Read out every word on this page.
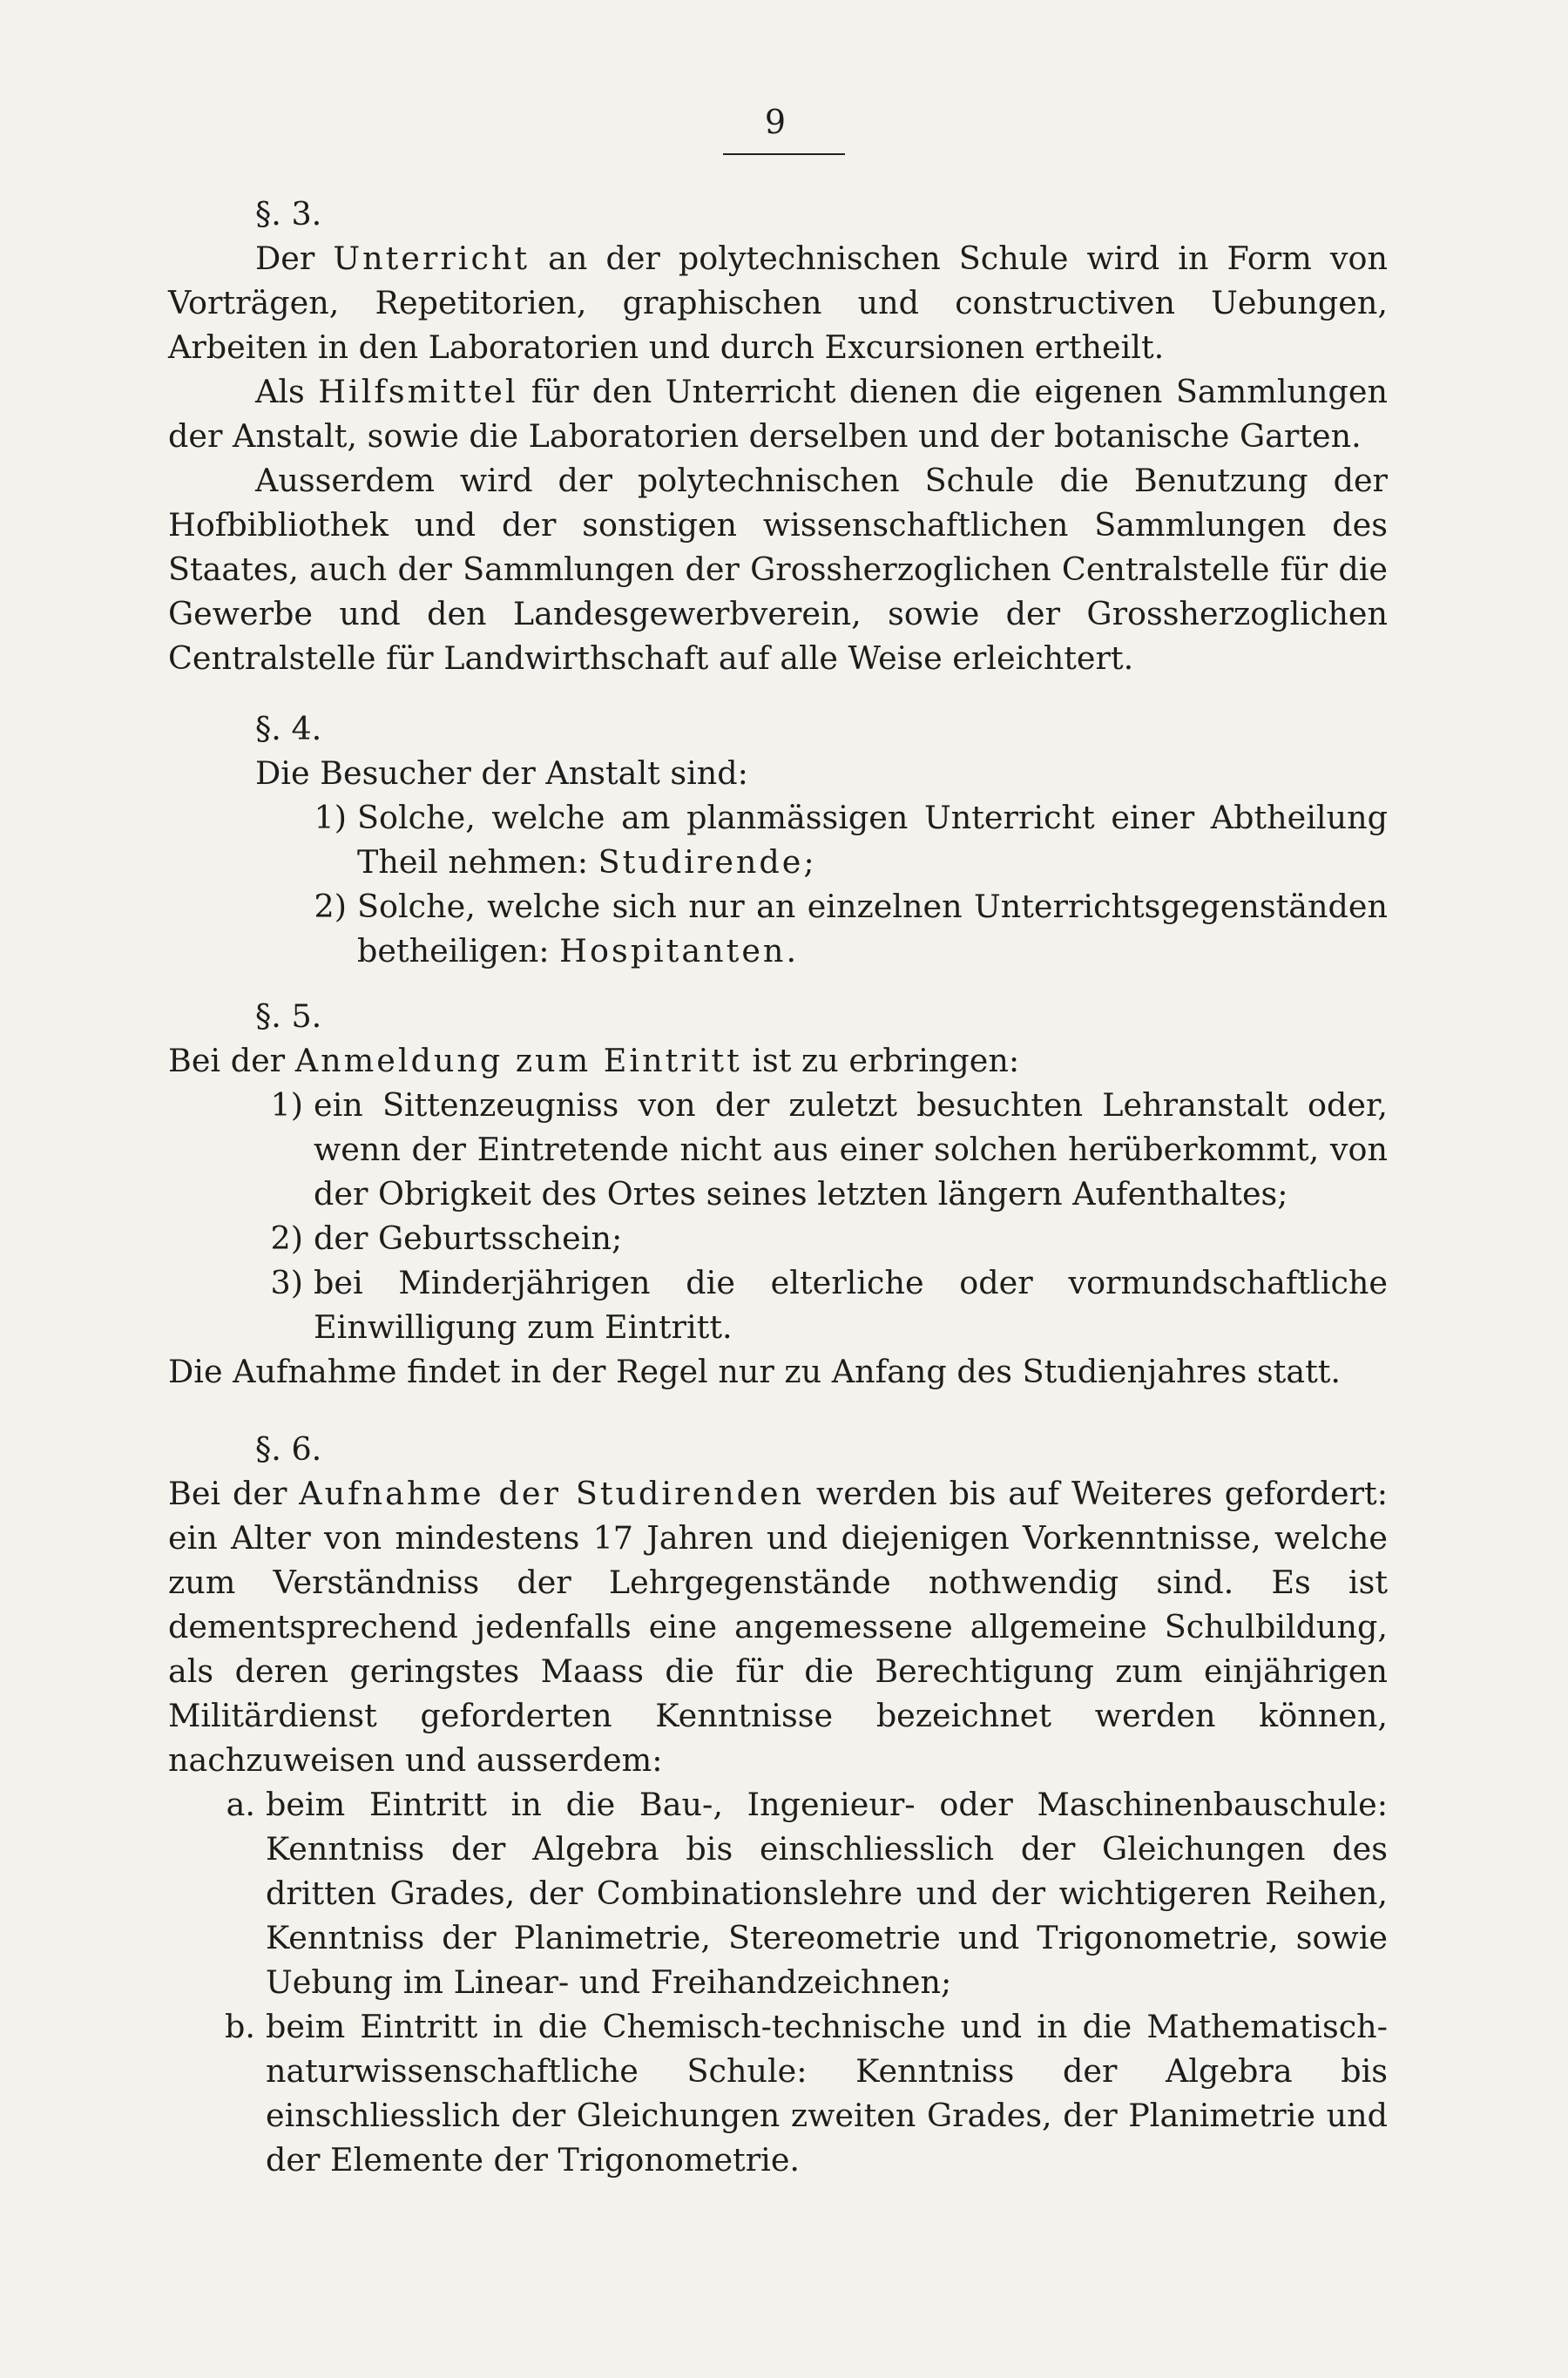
9

§. 3.

Der Unterricht an der polytechnischen Schule wird in Form von Vorträgen, Repetitorien, graphischen und constructiven Uebungen, Arbeiten in den Laboratorien und durch Excursionen ertheilt.

Als Hilfsmittel für den Unterricht dienen die eigenen Sammlungen der Anstalt, sowie die Laboratorien derselben und der botanische Garten.

Ausserdem wird der polytechnischen Schule die Benutzung der Hofbibliothek und der sonstigen wissenschaftlichen Sammlungen des Staates, auch der Sammlungen der Grossherzoglichen Centralstelle für die Gewerbe und den Landesgewerbverein, sowie der Grossherzoglichen Centralstelle für Landwirthschaft auf alle Weise erleichtert.

§. 4.

Die Besucher der Anstalt sind:

1) Solche, welche am planmässigen Unterricht einer Abtheilung Theil nehmen: Studirende;
2) Solche, welche sich nur an einzelnen Unterrichtsgegenständen betheiligen: Hospitanten.

§. 5.

Bei der Anmeldung zum Eintritt ist zu erbringen:

1) ein Sittenzeugniss von der zuletzt besuchten Lehranstalt oder, wenn der Eintretende nicht aus einer solchen herüberkommt, von der Obrigkeit des Ortes seines letzten längern Aufenthaltes;
2) der Geburtsschein;
3) bei Minderjährigen die elterliche oder vormundschaftliche Einwilligung zum Eintritt.

Die Aufnahme findet in der Regel nur zu Anfang des Studienjahres statt.

§. 6.

Bei der Aufnahme der Studirenden werden bis auf Weiteres gefordert: ein Alter von mindestens 17 Jahren und diejenigen Vorkenntnisse, welche zum Verständniss der Lehrgegenstände nothwendig sind. Es ist dementsprechend jedenfalls eine angemessene allgemeine Schulbildung, als deren geringstes Maass die für die Berechtigung zum einjährigen Militärdienst geforderten Kenntnisse bezeichnet werden können, nachzuweisen und ausserdem:

a. beim Eintritt in die Bau-, Ingenieur- oder Maschinenbauschule: Kenntniss der Algebra bis einschliesslich der Gleichungen des dritten Grades, der Combinationslehre und der wichtigeren Reihen, Kenntniss der Planimetrie, Stereometrie und Trigonometrie, sowie Uebung im Linear- und Freihandzeichnen;
b. beim Eintritt in die Chemisch-technische und in die Mathematisch-naturwissenschaftliche Schule: Kenntniss der Algebra bis einschliesslich der Gleichungen zweiten Grades, der Planimetrie und der Elemente der Trigonometrie.
